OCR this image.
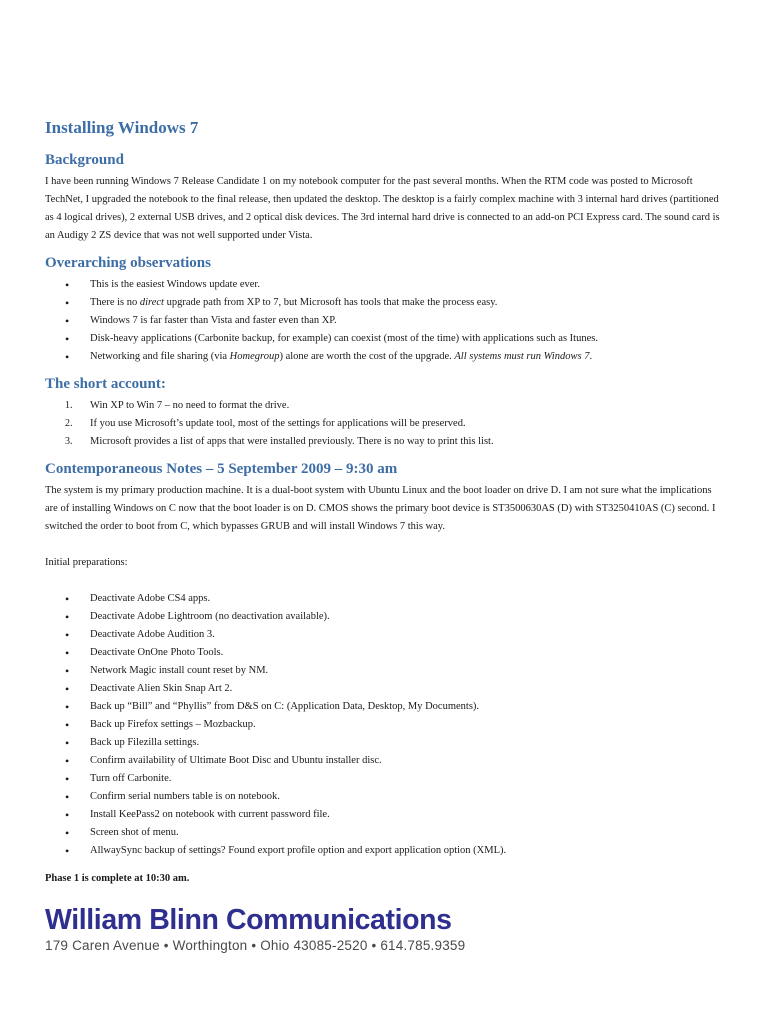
Installing Windows 7
Background

I have been running Windows 7 Release Candidate 1 on my notebook computer for the past several months. When the RTM code was posted to Microsoft TechNet, I upgraded the notebook to the final release, then updated the desktop. The desktop is a fairly complex machine with 3 internal hard drives (partitioned as 4 logical drives), 2 external USB drives, and 2 optical disk devices. The 3rd internal hard drive is connected to an add-on PCI Express card. The sound card is an Audigy 2 ZS device that was not well supported under Vista.

Overarching observations
• This is the easiest Windows update ever.
• There is no direct upgrade path from XP to 7, but Microsoft has tools that make the process easy.
• Windows 7 is far faster than Vista and faster even than XP.
• Disk-heavy applications (Carbonite backup, for example) can coexist (most of the time) with applications such as Itunes.
• Networking and file sharing (via Homegroup) alone are worth the cost of the upgrade. All systems must run Windows 7.
The short account:
1. Win XP to Win 7 – no need to format the drive.
2. If you use Microsoft’s update tool, most of the settings for applications will be preserved.
3. Microsoft provides a list of apps that were installed previously. There is no way to print this list.
Contemporaneous Notes – 5 September 2009 – 9:30 am

The system is my primary production machine. It is a dual-boot system with Ubuntu Linux and the boot loader on drive D. I am not sure what the implications are of installing Windows on C now that the boot loader is on D. CMOS shows the primary boot device is ST3500630AS (D) with ST3250410AS (C) second. I switched the order to boot from C, which bypasses GRUB and will install Windows 7 this way.

Initial preparations:

• Deactivate Adobe CS4 apps.
• Deactivate Adobe Lightroom (no deactivation available).
• Deactivate Adobe Audition 3.
• Deactivate OnOne Photo Tools.
• Network Magic install count reset by NM.
• Deactivate Alien Skin Snap Art 2.
• Back up “Bill” and “Phyllis” from D&S on C: (Application Data, Desktop, My Documents).
• Back up Firefox settings – Mozbackup.
• Back up Filezilla settings.
• Confirm availability of Ultimate Boot Disc and Ubuntu installer disc.
• Turn off Carbonite.
• Confirm serial numbers table is on notebook.
• Install KeePass2 on notebook with current password file.
• Screen shot of menu.
• AllwaySync backup of settings? Found export profile option and export application option (XML).

Phase 1 is complete at 10:30 am.

William Blinn Communications
179 Caren Avenue • Worthington • Ohio 43085-2520 • 614.785.9359
